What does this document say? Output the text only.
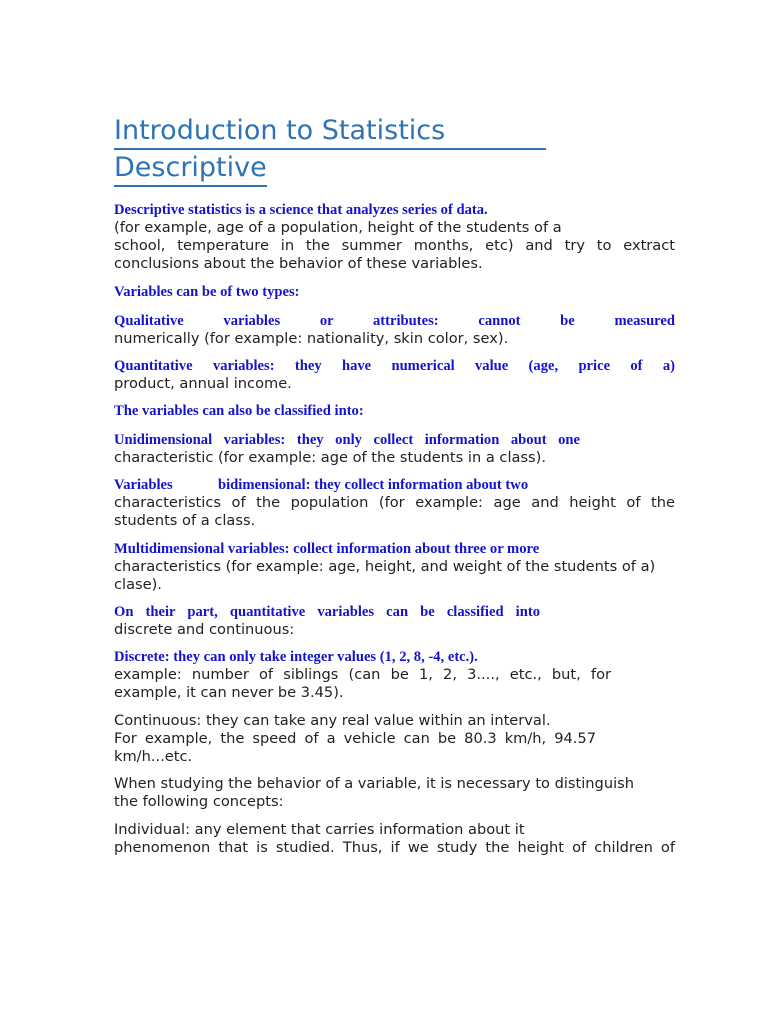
Introduction to Statistics
Descriptive
Descriptive statistics is a science that analyzes series of data.
(for example, age of a population, height of the students of a
school, temperature in the summer months, etc) and try to extract
conclusions about the behavior of these variables.
Variables can be of two types:
Qualitative variables or attributes: cannot be measured
numerically (for example: nationality, skin color, sex).
Quantitative variables: they have numerical value (age, price of a)
product, annual income.
The variables can also be classified into:
Unidimensional variables: they only collect information about one
characteristic (for example: age of the students in a class).
Variables	bidimensional: they collect information about two
characteristics of the population (for example: age and height of the
students of a class.
Multidimensional variables: collect information about three or more
characteristics (for example: age, height, and weight of the students of a)
clase).
On their part, quantitative variables can be classified into
discrete and continuous:
Discrete: they can only take integer values (1, 2, 8, -4, etc.).
example: number of siblings (can be 1, 2, 3...., etc., but, for
example, it can never be 3.45).
Continuous: they can take any real value within an interval.
For example, the speed of a vehicle can be 80.3 km/h, 94.57
km/h...etc.
When studying the behavior of a variable, it is necessary to distinguish
the following concepts:
Individual: any element that carries information about it
phenomenon that is studied. Thus, if we study the height of children of
